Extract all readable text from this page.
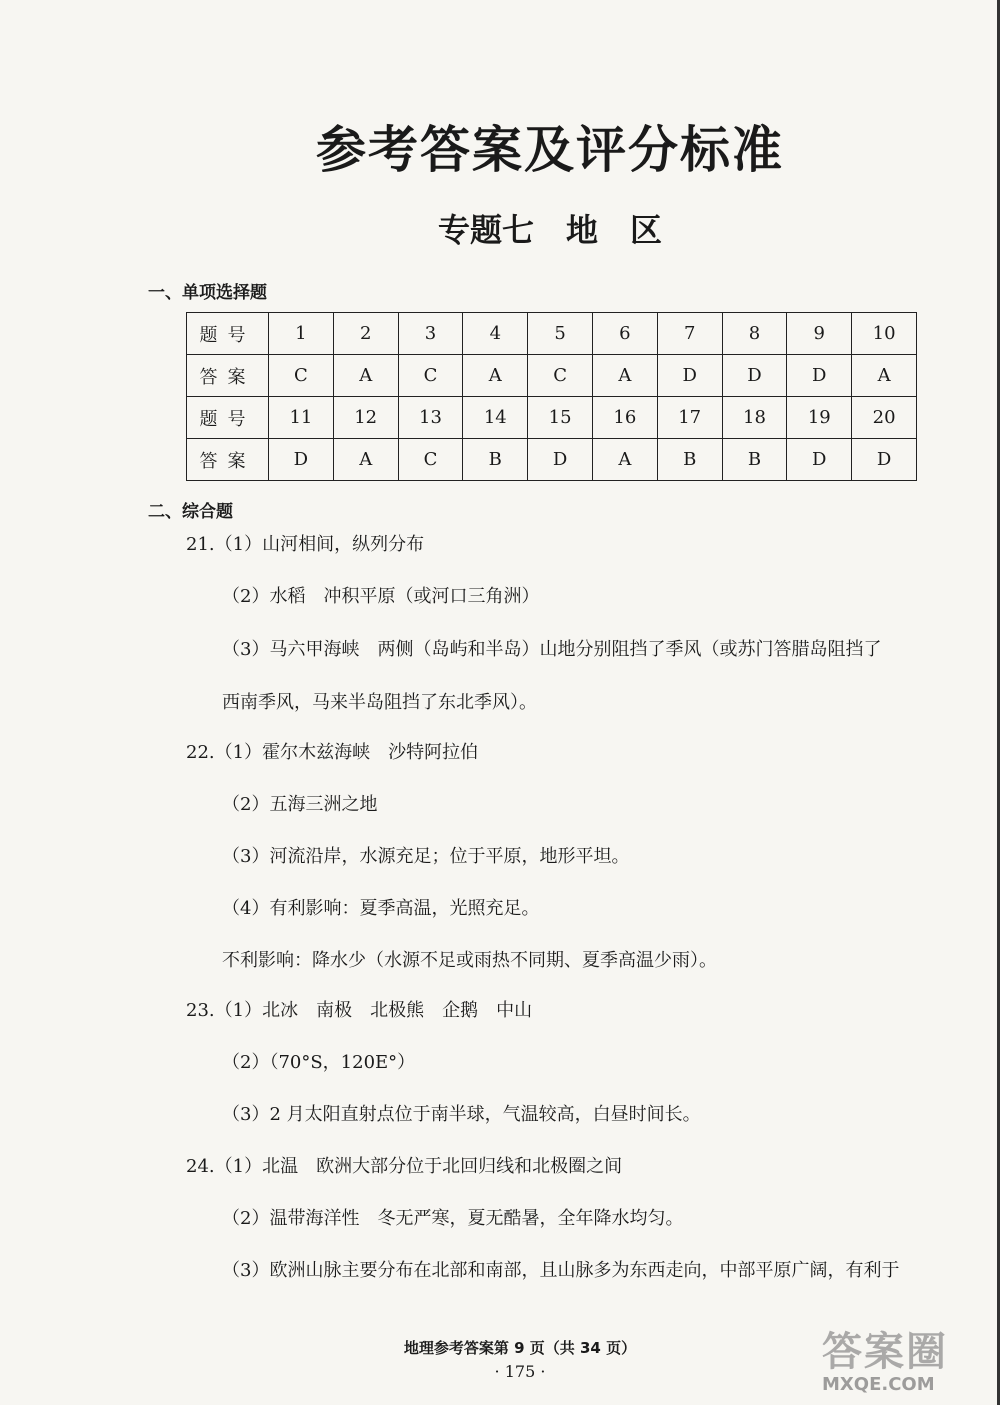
参考答案及评分标准
专题七　地　区
一、单项选择题
题号	1	2	3	4	5	6	7	8	9	10
答案	C	A	C	A	C	A	D	D	D	A
题号	11	12	13	14	15	16	17	18	19	20
答案	D	A	C	B	D	A	B	B	D	D
二、综合题
21.（1）山河相间，纵列分布
（2）水稻　冲积平原（或河口三角洲）
（3）马六甲海峡　两侧（岛屿和半岛）山地分别阻挡了季风（或苏门答腊岛阻挡了
西南季风，马来半岛阻挡了东北季风）。
22.（1）霍尔木兹海峡　沙特阿拉伯
（2）五海三洲之地
（3）河流沿岸，水源充足；位于平原，地形平坦。
（4）有利影响：夏季高温，光照充足。
不利影响：降水少（水源不足或雨热不同期、夏季高温少雨）。
23.（1）北冰　南极　北极熊　企鹅　中山
（2）（70°S，120E°）
（3）2 月太阳直射点位于南半球，气温较高，白昼时间长。
24.（1）北温　欧洲大部分位于北回归线和北极圈之间
（2）温带海洋性　冬无严寒，夏无酷暑，全年降水均匀。
（3）欧洲山脉主要分布在北部和南部，且山脉多为东西走向，中部平原广阔，有利于
地理参考答案第 9 页（共 34 页）
· 175 ·	答案圈
MXQE.COM
